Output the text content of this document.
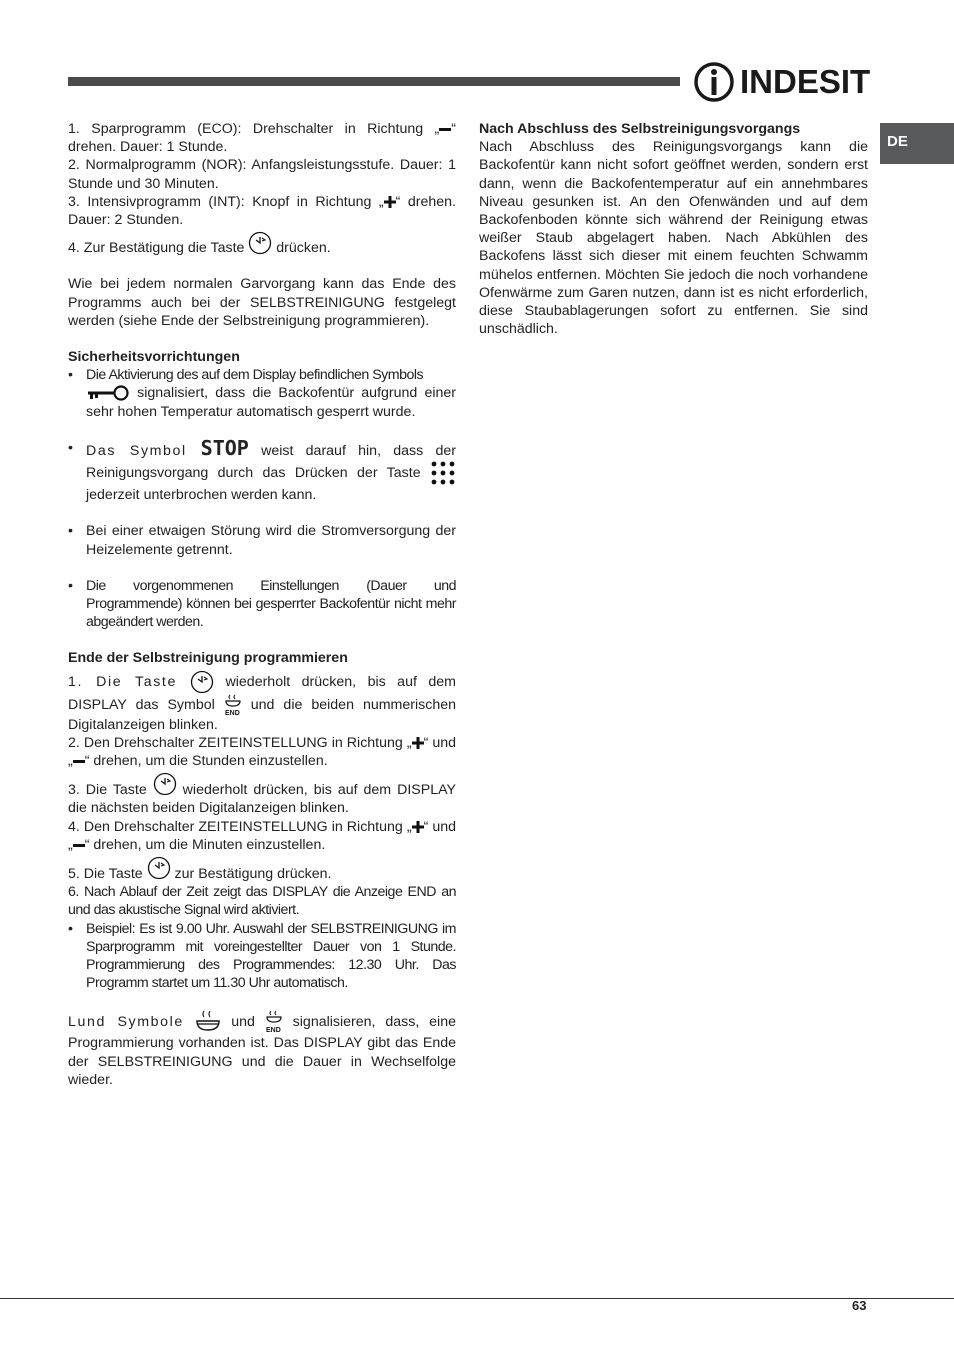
INDESIT
DE

1. Sparprogramm (ECO): Drehschalter in Richtung „ “ drehen. Dauer: 1 Stunde.

2. Normalprogramm (NOR): Anfangsleistungsstufe. Dauer: 1 Stunde und 30 Minuten.

3. Intensivprogramm (INT): Knopf in Richtung „ “ drehen. Dauer: 2 Stunden.

4. Zur Bestätigung die Taste  drücken.

Wie bei jedem normalen Garvorgang kann das Ende des Programms auch bei der SELBSTREINIGUNG festgelegt werden (siehe Ende der Selbstreinigung programmieren).

Sicherheitsvorrichtungen
• Die Aktivierung des auf dem Display befindlichen Symbols
signalisiert, dass die Backofentür aufgrund einer sehr hohen Temperatur automatisch gesperrt wurde.
• Das Symbol STOP weist darauf hin, dass der Reinigungsvorgang durch das Drücken der Taste  jederzeit unterbrochen werden kann.
• Bei einer etwaigen Störung wird die Stromversorgung der Heizelemente getrennt.
• Die vorgenommenen Einstellungen (Dauer und Programmende) können bei gesperrter Backofentür nicht mehr abgeändert werden.
Ende der Selbstreinigung programmieren

1. Die Taste  wiederholt drücken, bis auf dem DISPLAY das Symbol
END
und die beiden nummerischen Digitalanzeigen blinken.

2. Den Drehschalter ZEITEINSTELLUNG in Richtung „ “ und „ “ drehen, um die Stunden einzustellen.

3. Die Taste  wiederholt drücken, bis auf dem DISPLAY die nächsten beiden Digitalanzeigen blinken.

4. Den Drehschalter ZEITEINSTELLUNG in Richtung „ “ und „ “ drehen, um die Minuten einzustellen.

5. Die Taste  zur Bestätigung drücken.

6. Nach Ablauf der Zeit zeigt das DISPLAY die Anzeige END an und das akustische Signal wird aktiviert.

• Beispiel: Es ist 9.00 Uhr. Auswahl der SELBSTREINIGUNG im Sparprogramm mit voreingestellter Dauer von 1 Stunde. Programmierung des Programmendes: 12.30 Uhr. Das Programm startet um 11.30 Uhr automatisch.

Lund Symbole  und
END
signalisieren, dass, eine Programmierung vorhanden ist. Das DISPLAY gibt das Ende der SELBSTREINIGUNG und die Dauer in Wechselfolge wieder.

Nach Abschluss des Selbstreinigungsvorgangs

Nach Abschluss des Reinigungsvorgangs kann die Backofentür kann nicht sofort geöffnet werden, sondern erst dann, wenn die Backofentemperatur auf ein annehmbares Niveau gesunken ist. An den Ofenwänden und auf dem Backofenboden könnte sich während der Reinigung etwas weißer Staub abgelagert haben. Nach Abkühlen des Backofens lässt sich dieser mit einem feuchten Schwamm mühelos entfernen. Möchten Sie jedoch die noch vorhandene Ofenwärme zum Garen nutzen, dann ist es nicht erforderlich, diese Staubablagerungen sofort zu entfernen. Sie sind unschädlich.

63
